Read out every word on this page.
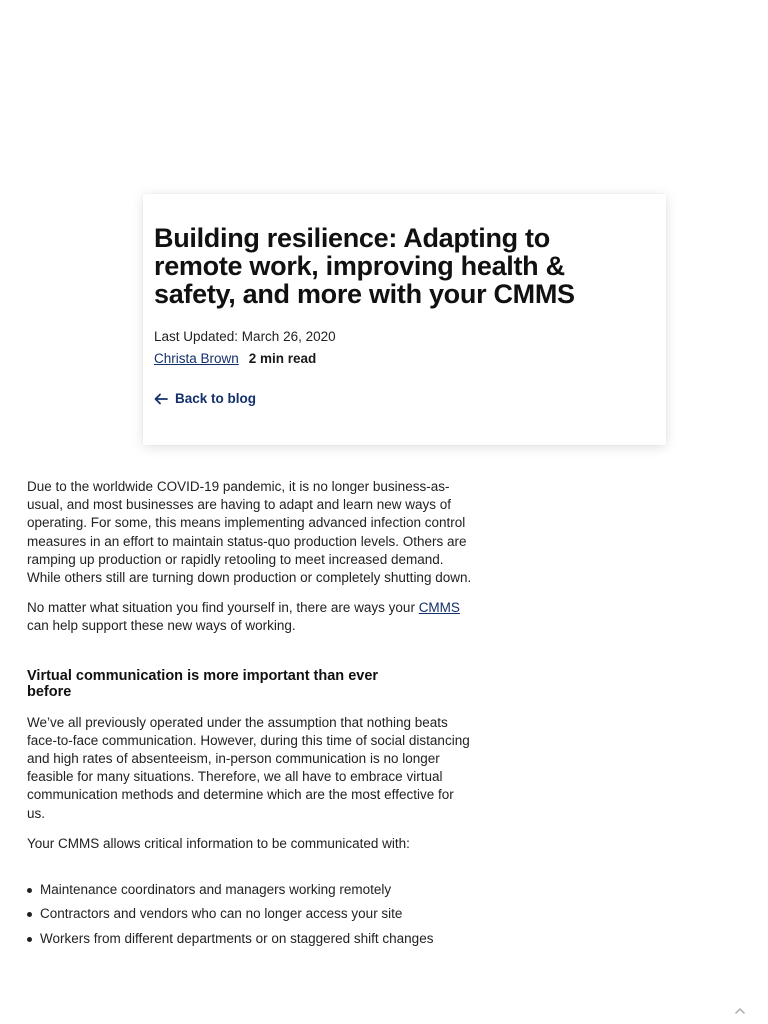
Building resilience: Adapting to remote work, improving health & safety, and more with your CMMS
Last Updated: March 26, 2020
Christa Brown 2 min read
Back to blog

Due to the worldwide COVID-19 pandemic, it is no longer business-as-usual, and most businesses are having to adapt and learn new ways of operating. For some, this means implementing advanced infection control measures in an effort to maintain status-quo production levels. Others are ramping up production or rapidly retooling to meet increased demand. While others still are turning down production or completely shutting down.

No matter what situation you find yourself in, there are ways your CMMS can help support these new ways of working.

Virtual communication is more important than ever before

We’ve all previously operated under the assumption that nothing beats face-to-face communication. However, during this time of social distancing and high rates of absenteeism, in-person communication is no longer feasible for many situations. Therefore, we all have to embrace virtual communication methods and determine which are the most effective for us.

Your CMMS allows critical information to be communicated with:

Maintenance coordinators and managers working remotely
Contractors and vendors who can no longer access your site
Workers from different departments or on staggered shift changes
